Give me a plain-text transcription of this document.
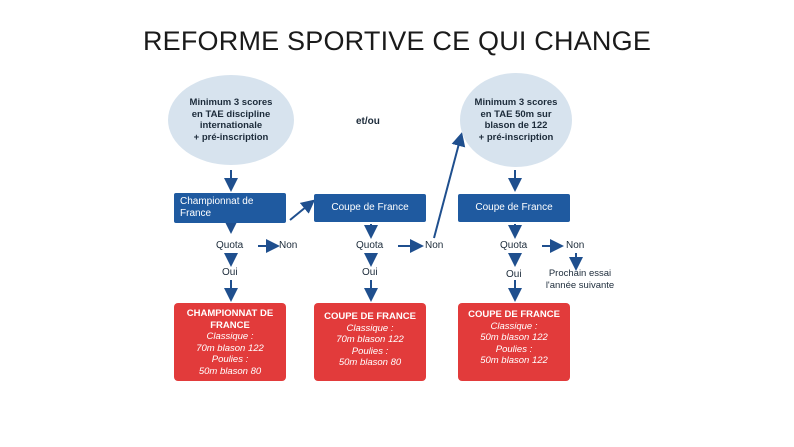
REFORME SPORTIVE CE QUI CHANGE
Minimum 3 scores
en TAE discipline
internationale
+ pré-inscription
et/ou
Minimum 3 scores
en TAE 50m sur
blason de 122
+ pré-inscription
Championnat de
France
Coupe de France	Coupe de France
Quota	Non
Oui
Quota	Non
Oui
Quota	Non
Oui	Prochain essai
l'année suivante
CHAMPIONNAT DE
FRANCE
Classique :
70m blason 122
Poulies :
50m blason 80
COUPE DE FRANCE
Classique :
70m blason 122
Poulies :
50m blason 80
COUPE DE FRANCE
Classique :
50m blason 122
Poulies :
50m blason 122
